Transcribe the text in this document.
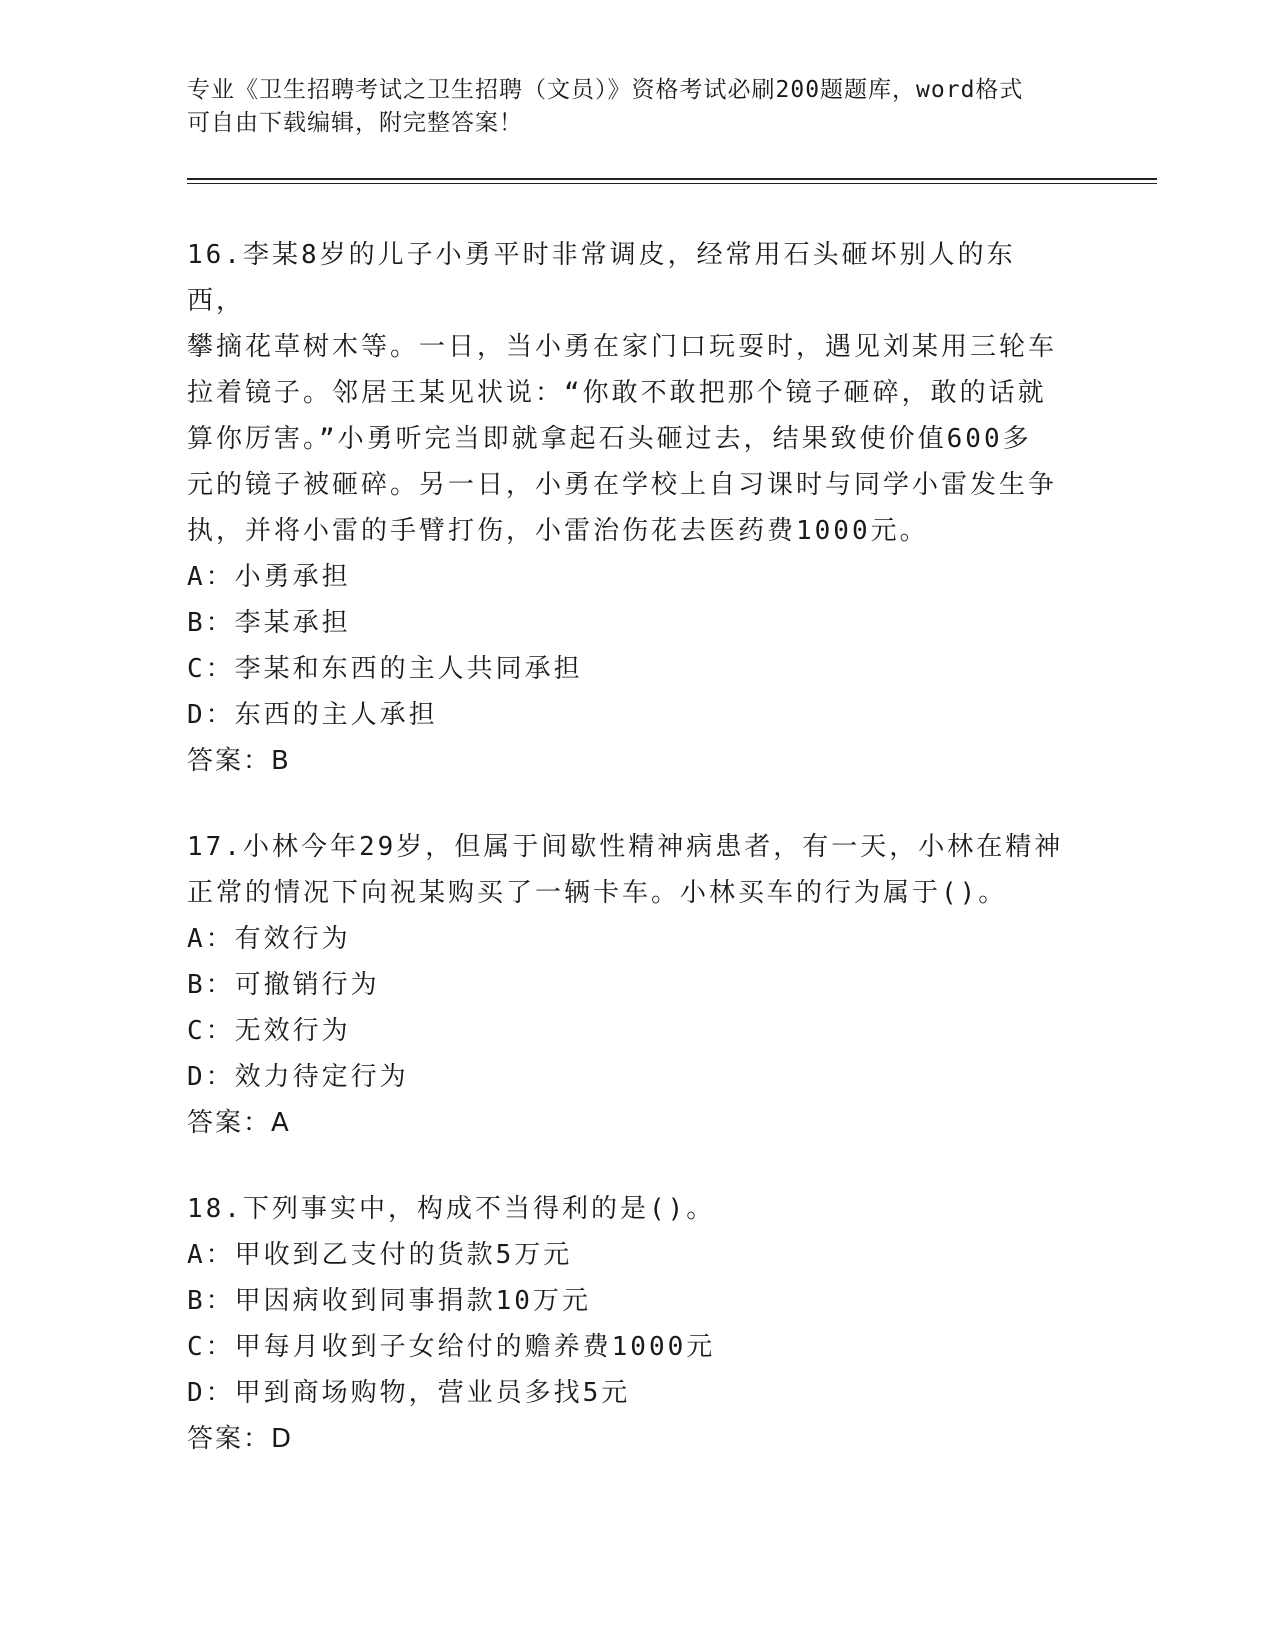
专业《卫生招聘考试之卫生招聘（文员）》资格考试必刷200题题库，word格式
可自由下载编辑，附完整答案！

16.李某8岁的儿子小勇平时非常调皮，经常用石头砸坏别人的东西，

攀摘花草树木等。一日，当小勇在家门口玩耍时，遇见刘某用三轮车

拉着镜子。邻居王某见状说：“你敢不敢把那个镜子砸碎，敢的话就

算你厉害。”小勇听完当即就拿起石头砸过去，结果致使价值600多

元的镜子被砸碎。另一日，小勇在学校上自习课时与同学小雷发生争

执，并将小雷的手臂打伤，小雷治伤花去医药费1000元。

A：小勇承担

B：李某承担

C：李某和东西的主人共同承担

D：东西的主人承担

答案：B

17.小林今年29岁，但属于间歇性精神病患者，有一天，小林在精神

正常的情况下向祝某购买了一辆卡车。小林买车的行为属于()。

A：有效行为

B：可撤销行为

C：无效行为

D：效力待定行为

答案：A

18.下列事实中，构成不当得利的是()。

A：甲收到乙支付的货款5万元

B：甲因病收到同事捐款10万元

C：甲每月收到子女给付的赡养费1000元

D：甲到商场购物，营业员多找5元

答案：D
